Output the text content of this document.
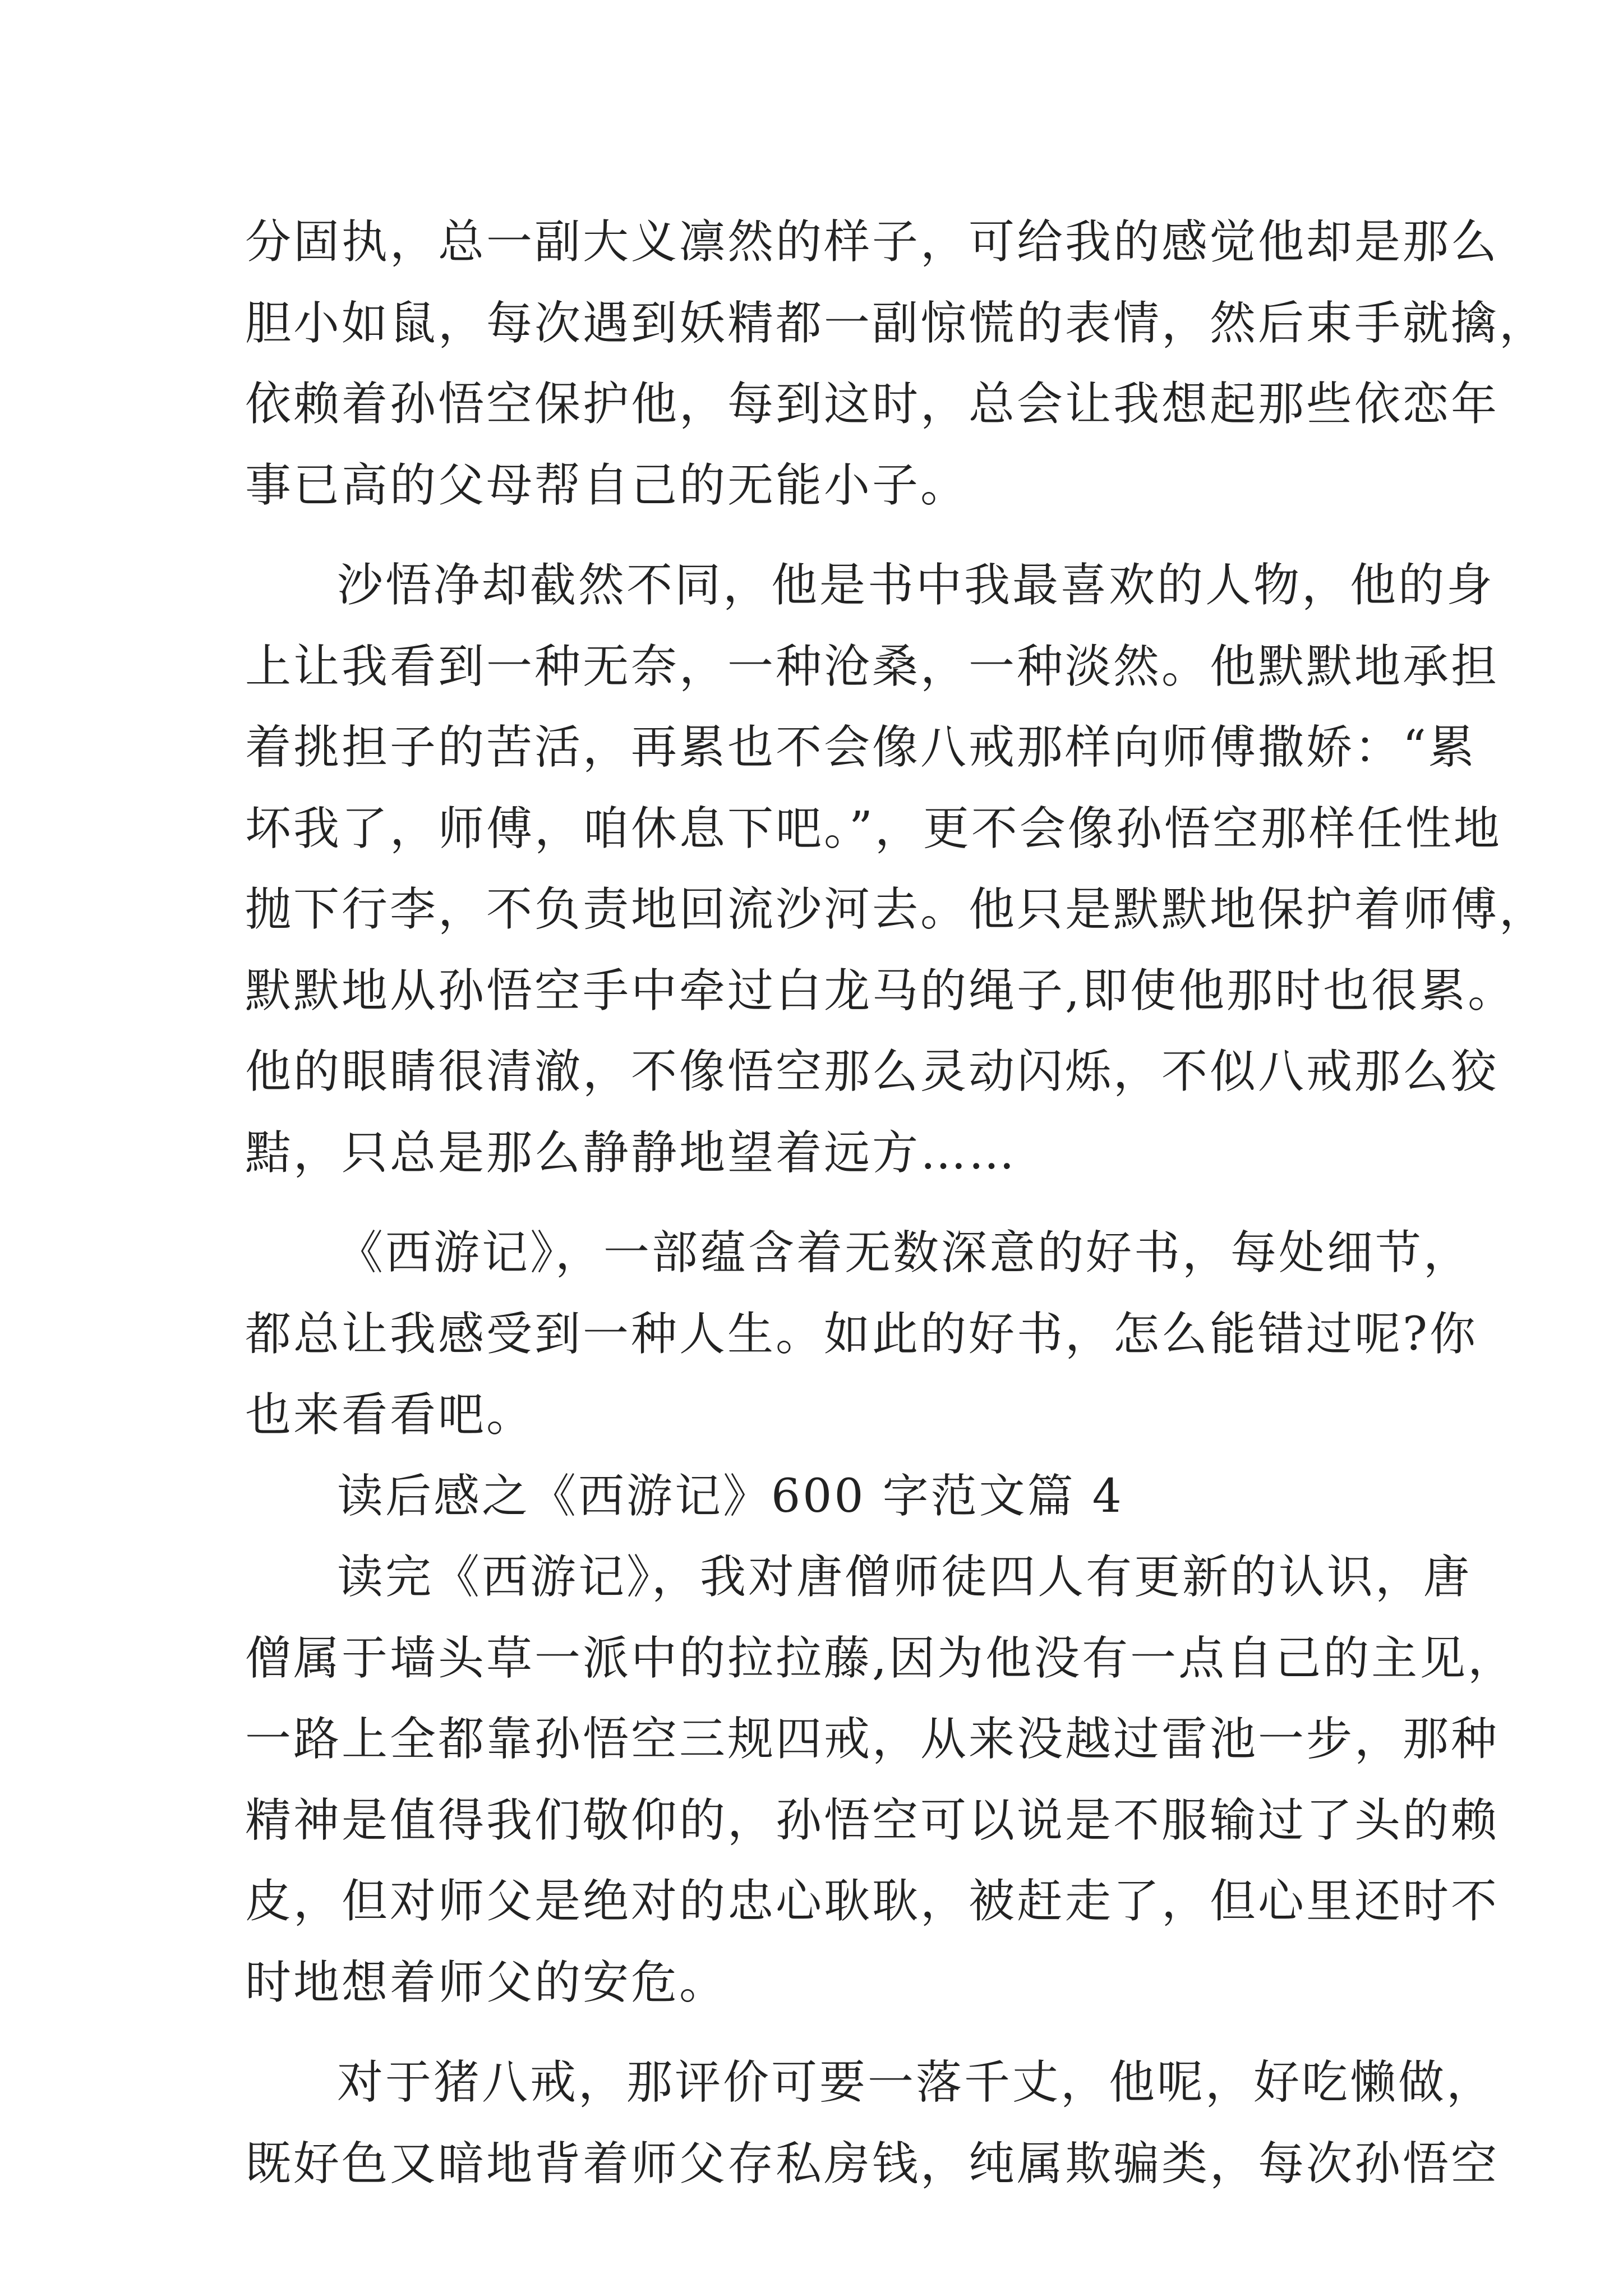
分固执，总一副大义凛然的样子，可给我的感觉他却是那么
胆小如鼠，每次遇到妖精都一副惊慌的表情，然后束手就擒，
依赖着孙悟空保护他，每到这时，总会让我想起那些依恋年
事已高的父母帮自己的无能小子。
沙悟净却截然不同，他是书中我最喜欢的人物，他的身
上让我看到一种无奈，一种沧桑，一种淡然。他默默地承担
着挑担子的苦活，再累也不会像八戒那样向师傅撒娇：“累
坏我了，师傅，咱休息下吧。”，更不会像孙悟空那样任性地
抛下行李，不负责地回流沙河去。他只是默默地保护着师傅，
默默地从孙悟空手中牵过白龙马的绳子,即使他那时也很累。
他的眼睛很清澈，不像悟空那么灵动闪烁，不似八戒那么狡
黠，只总是那么静静地望着远方……
《西游记》，一部蕴含着无数深意的好书，每处细节，
都总让我感受到一种人生。如此的好书，怎么能错过呢?你
也来看看吧。
读后感之《西游记》600 字范文篇 4
读完《西游记》，我对唐僧师徒四人有更新的认识，唐
僧属于墙头草一派中的拉拉藤,因为他没有一点自己的主见，
一路上全都靠孙悟空三规四戒，从来没越过雷池一步，那种
精神是值得我们敬仰的，孙悟空可以说是不服输过了头的赖
皮，但对师父是绝对的忠心耿耿，被赶走了，但心里还时不
时地想着师父的安危。
对于猪八戒，那评价可要一落千丈，他呢，好吃懒做，
既好色又暗地背着师父存私房钱，纯属欺骗类，每次孙悟空
